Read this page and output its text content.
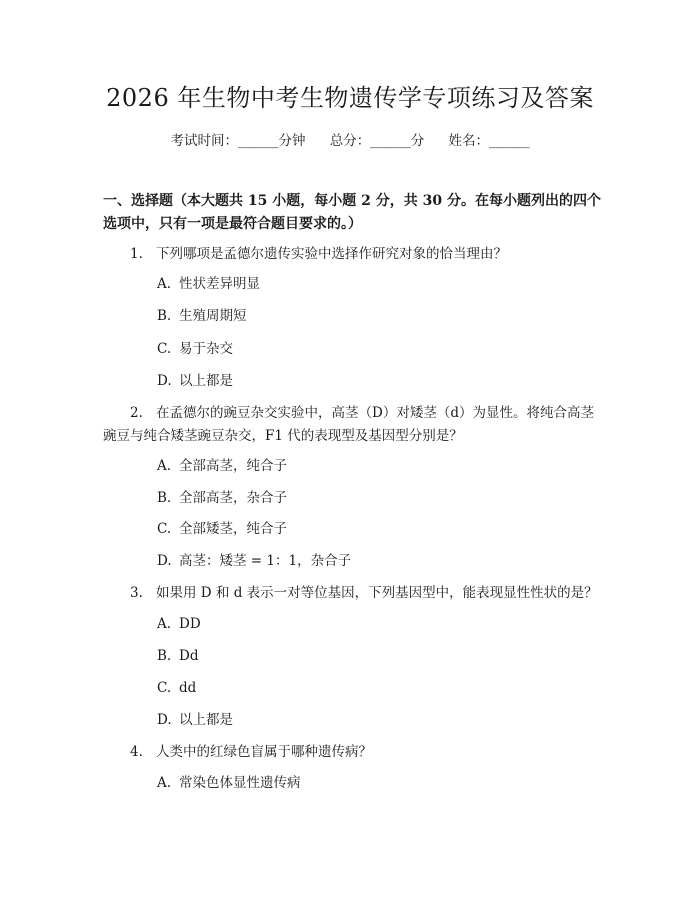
2026 年生物中考生物遗传学专项练习及答案
考试时间：______分钟 总分：______分 姓名：______
一、选择题（本大题共 15 小题，每小题 2 分，共 30 分。在每小题列出的四个选项中，只有一项是最符合题目要求的。）
1. 下列哪项是孟德尔遗传实验中选择作研究对象的恰当理由？
A. 性状差异明显
B. 生殖周期短
C. 易于杂交
D. 以上都是
2. 在孟德尔的豌豆杂交实验中，高茎（D）对矮茎（d）为显性。将纯合高茎豌豆与纯合矮茎豌豆杂交，F1 代的表现型及基因型分别是？
A. 全部高茎，纯合子
B. 全部高茎，杂合子
C. 全部矮茎，纯合子
D. 高茎：矮茎 = 1：1，杂合子
3. 如果用 D 和 d 表示一对等位基因，下列基因型中，能表现显性性状的是？
A. DD
B. Dd
C. dd
D. 以上都是
4. 人类中的红绿色盲属于哪种遗传病？
A. 常染色体显性遗传病
